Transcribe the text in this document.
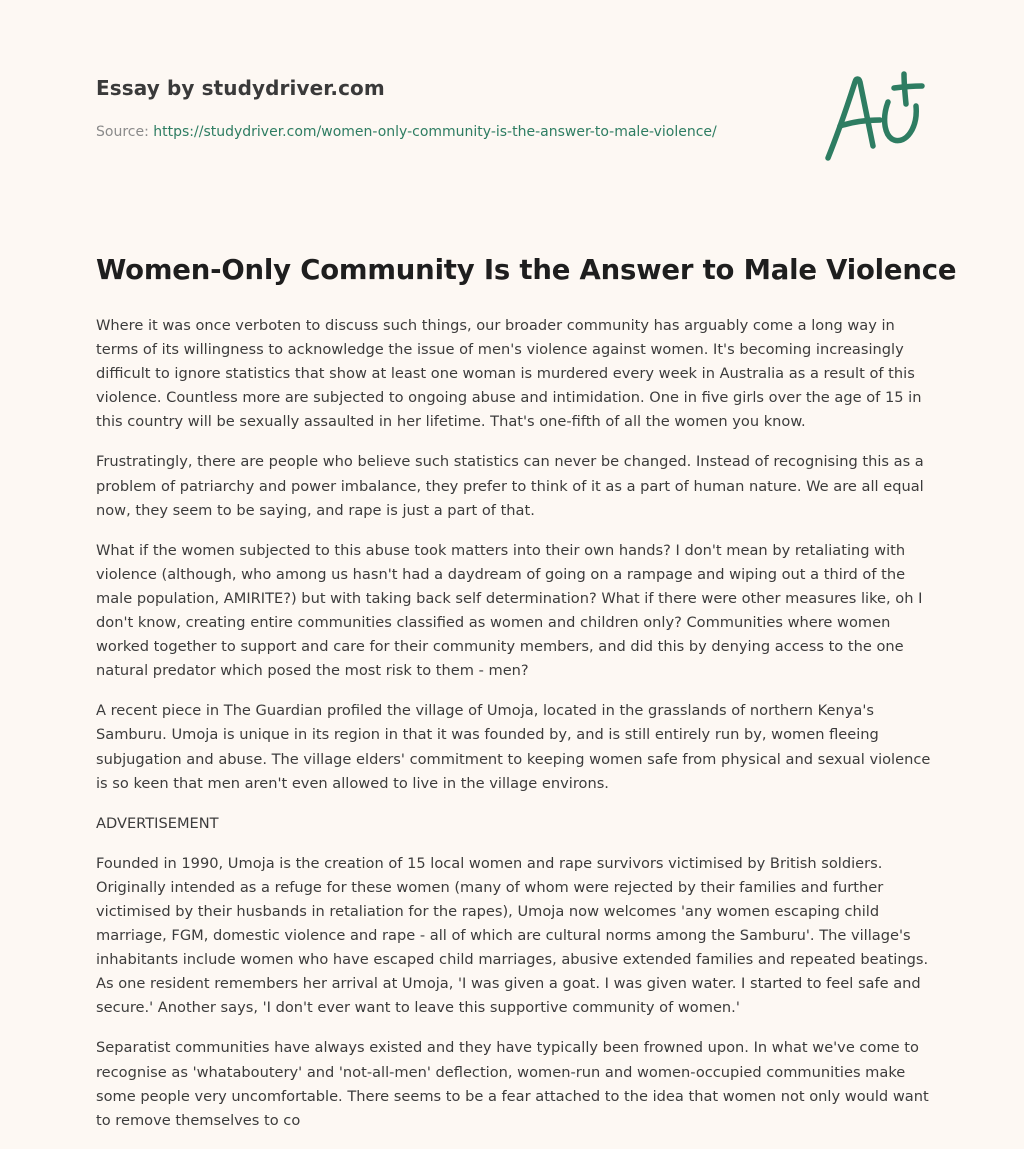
Essay by studydriver.com
Source: https://studydriver.com/women-only-community-is-the-answer-to-male-violence/
Women-Only Community Is the Answer to Male Violence

Where it was once verboten to discuss such things, our broader community has arguably come a long way in terms of its willingness to acknowledge the issue of men's violence against women. It's becoming increasingly difficult to ignore statistics that show at least one woman is murdered every week in Australia as a result of this violence. Countless more are subjected to ongoing abuse and intimidation. One in five girls over the age of 15 in this country will be sexually assaulted in her lifetime. That's one-fifth of all the women you know.

Frustratingly, there are people who believe such statistics can never be changed. Instead of recognising this as a problem of patriarchy and power imbalance, they prefer to think of it as a part of human nature. We are all equal now, they seem to be saying, and rape is just a part of that.

What if the women subjected to this abuse took matters into their own hands? I don't mean by retaliating with violence (although, who among us hasn't had a daydream of going on a rampage and wiping out a third of the male population, AMIRITE?) but with taking back self determination? What if there were other measures like, oh I don't know, creating entire communities classified as women and children only? Communities where women worked together to support and care for their community members, and did this by denying access to the one natural predator which posed the most risk to them - men?

A recent piece in The Guardian profiled the village of Umoja, located in the grasslands of northern Kenya's Samburu. Umoja is unique in its region in that it was founded by, and is still entirely run by, women fleeing subjugation and abuse. The village elders' commitment to keeping women safe from physical and sexual violence is so keen that men aren't even allowed to live in the village environs.

ADVERTISEMENT

Founded in 1990, Umoja is the creation of 15 local women and rape survivors victimised by British soldiers. Originally intended as a refuge for these women (many of whom were rejected by their families and further victimised by their husbands in retaliation for the rapes), Umoja now welcomes 'any women escaping child marriage, FGM, domestic violence and rape - all of which are cultural norms among the Samburu'. The village's inhabitants include women who have escaped child marriages, abusive extended families and repeated beatings. As one resident remembers her arrival at Umoja, 'I was given a goat. I was given water. I started to feel safe and secure.' Another says, 'I don't ever want to leave this supportive community of women.'

Separatist communities have always existed and they have typically been frowned upon. In what we've come to recognise as 'whataboutery' and 'not-all-men' deflection, women-run and women-occupied communities make some people very uncomfortable. There seems to be a fear attached to the idea that women not only would want to remove themselves to co
